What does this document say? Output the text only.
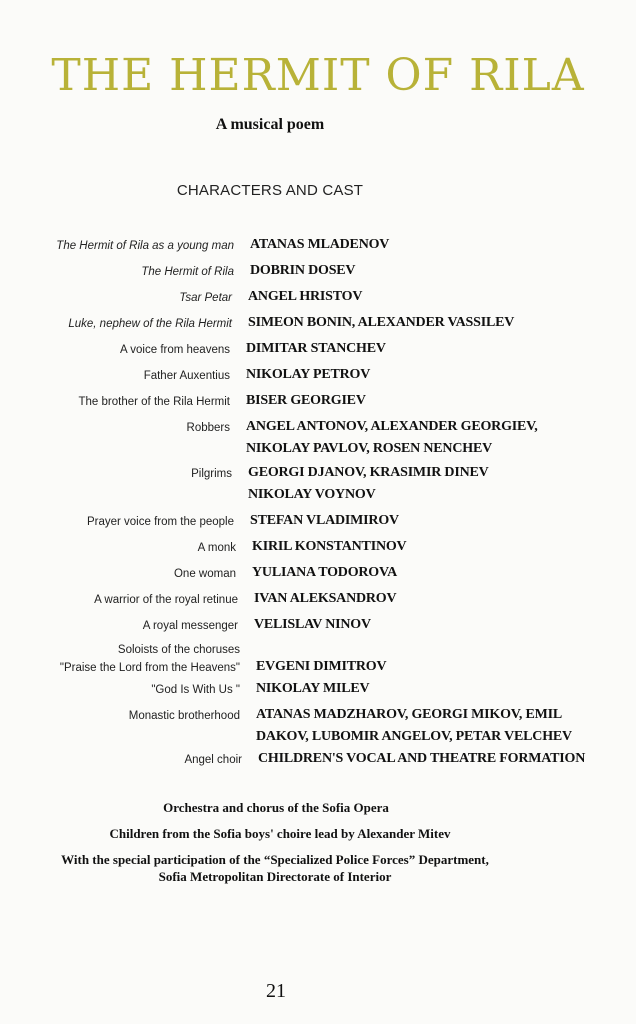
THE HERMIT OF RILA
A musical poem
CHARACTERS AND CAST
The Hermit of Rila as a young man ATANAS MLADENOV
The Hermit of Rila DOBRIN DOSEV
Tsar Petar ANGEL HRISTOV
Luke, nephew of the Rila Hermit SIMEON BONIN, ALEXANDER VASSILEV
A voice from heavens DIMITAR STANCHEV
Father Auxentius NIKOLAY PETROV
The brother of the Rila Hermit BISER GEORGIEV
Robbers ANGEL ANTONOV, ALEXANDER GEORGIEV,
NIKOLAY PAVLOV, ROSEN NENCHEV
Pilgrims GEORGI DJANOV, KRASIMIR DINEV
NIKOLAY VOYNOV
Prayer voice from the people STEFAN VLADIMIROV
A monk KIRIL KONSTANTINOV
One woman YULIANA TODOROVA
A warrior of the royal retinue IVAN ALEKSANDROV
A royal messenger VELISLAV NINOV
Soloists of the choruses
"Praise the Lord from the Heavens" EVGENI DIMITROV
"God Is With Us " NIKOLAY MILEV
Monastic brotherhood ATANAS MADZHAROV, GEORGI MIKOV, EMIL
DAKOV, LUBOMIR ANGELOV, PETAR VELCHEV
Angel choir CHILDREN'S VOCAL AND THEATRE FORMATION
Orchestra and chorus of the Sofia Opera
Children from the Sofia boys' choire lead by Alexander Mitev
With the special participation of the “Specialized Police Forces” Department,
Sofia Metropolitan Directorate of Interior
21
